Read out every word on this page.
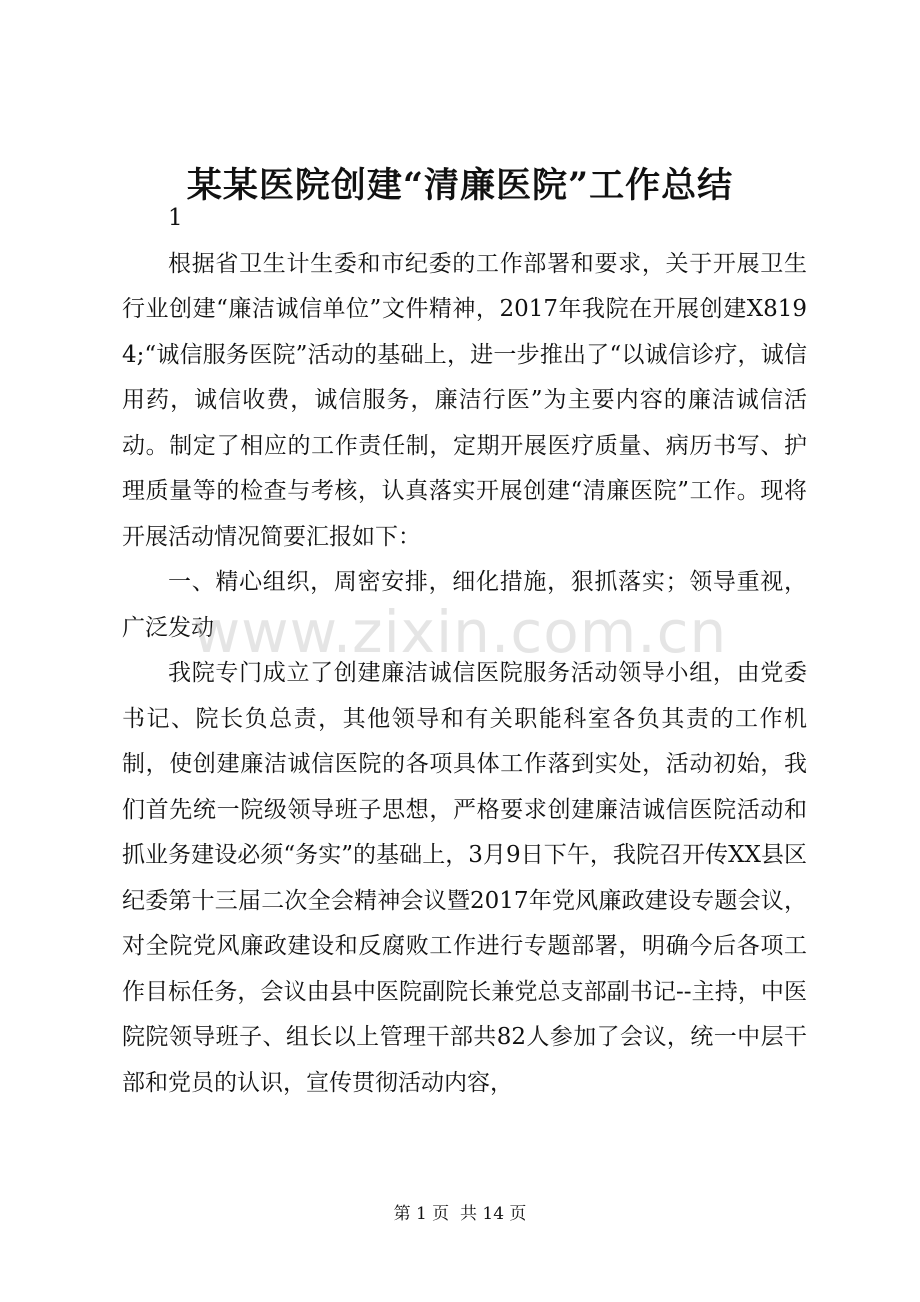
某某医院创建“清廉医院”工作总结

1

根据省卫生计生委和市纪委的工作部署和要求，关于开展卫生行业创建“廉洁诚信单位”文件精神，2017年我院在开展创建X8194;“诚信服务医院”活动的基础上，进一步推出了“以诚信诊疗，诚信用药，诚信收费，诚信服务，廉洁行医”为主要内容的廉洁诚信活动。制定了相应的工作责任制，定期开展医疗质量、病历书写、护理质量等的检查与考核，认真落实开展创建“清廉医院”工作。现将开展活动情况简要汇报如下：

一、精心组织，周密安排，细化措施，狠抓落实；领导重视，广泛发动

我院专门成立了创建廉洁诚信医院服务活动领导小组，由党委书记、院长负总责，其他领导和有关职能科室各负其责的工作机制，使创建廉洁诚信医院的各项具体工作落到实处，活动初始，我们首先统一院级领导班子思想，严格要求创建廉洁诚信医院活动和抓业务建设必须“务实”的基础上，3月9日下午，我院召开传XX县区纪委第十三届二次全会精神会议暨2017年党风廉政建设专题会议，对全院党风廉政建设和反腐败工作进行专题部署，明确今后各项工作目标任务，会议由县中医院副院长兼党总支部副书记--主持，中医院院领导班子、组长以上管理干部共82人参加了会议，统一中层干部和党员的认识，宣传贯彻活动内容，

www.zixin.com.cn
第 1 页  共 14 页
